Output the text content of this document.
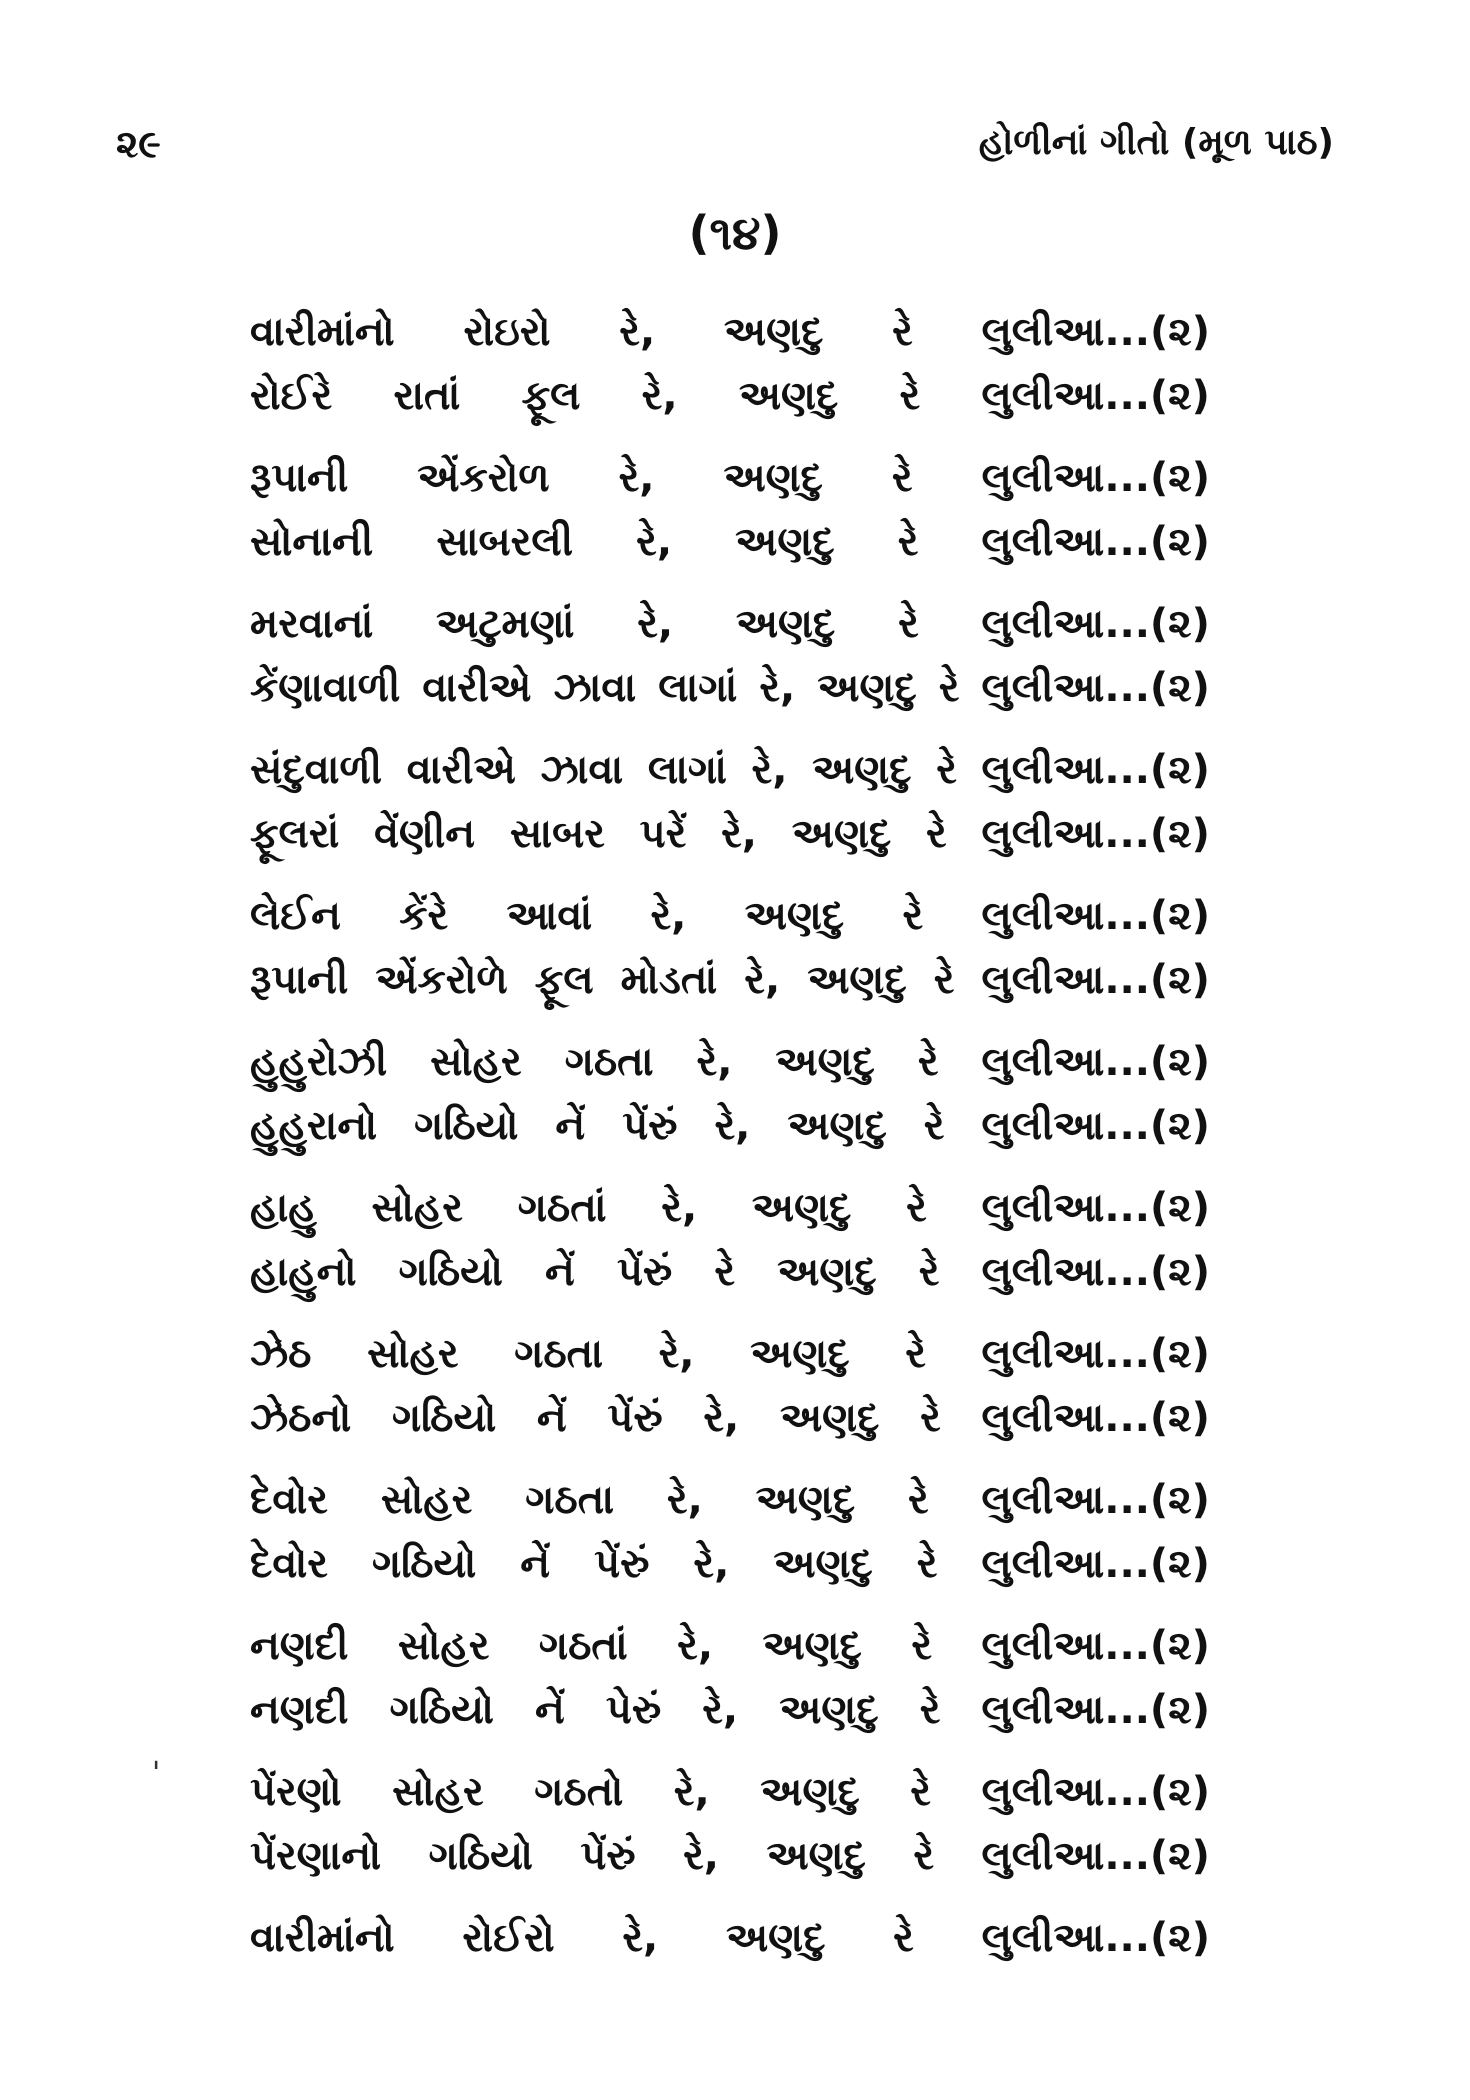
૨૯	હોળીનાં ગીતો (મૂળ પાઠ)
(૧૪)
વારીમાંનો રોઇરો રે, અણદુ રે લુલીઆ...(૨)
રોઈરે રાતાં ફૂલ રે, અણદુ રે લુલીઆ...(૨)
રૂપાની એંકરોળ રે, અણદુ રે લુલીઆ...(૨)
સોનાની સાબરલી રે, અણદુ રે લુલીઆ...(૨)
મરવાનાં અટુમણાં રે, અણદુ રે લુલીઆ...(૨)
કેંણાવાળી વારીએ ઝાવા લાગાં રે, અણદુ રે લુલીઆ...(૨)
સંદુવાળી વારીએ ઝાવા લાગાં રે, અણદુ રે લુલીઆ...(૨)
ફૂલરાં વેંણીન સાબર પરેં રે, અણદુ રે લુલીઆ...(૨)
લેઈન કેંરે આવાં રે, અણદુ રે લુલીઆ...(૨)
રૂપાની એંકરોળે ફૂલ મોડતાં રે, અણદુ રે લુલીઆ...(૨)
હુહુરોઝી સોહર ગઠતા રે, અણદુ રે લુલીઆ...(૨)
હુહુરાનો ગઠિયો નેં પેંરું રે, અણદુ રે લુલીઆ...(૨)
હાહુ સોહર ગઠતાં રે, અણદુ રે લુલીઆ...(૨)
હાહુનો ગઠિયો નેં પેંરું રે અણદુ રે લુલીઆ...(૨)
ઝેઠ સોહર ગઠતા રે, અણદુ રે લુલીઆ...(૨)
ઝેઠનો ગઠિયો નેં પેંરું રે, અણદુ રે લુલીઆ...(૨)
દેવોર સોહર ગઠતા રે, અણદુ રે લુલીઆ...(૨)
દેવોર ગઠિયો નેં પેંરું રે, અણદુ રે લુલીઆ...(૨)
નણદી સોહર ગઠતાં રે, અણદુ રે લુલીઆ...(૨)
નણદી ગઠિયો નેં પેરું રે, અણદુ રે લુલીઆ...(૨)
પેંરણો સોહર ગઠતો રે, અણદુ રે લુલીઆ...(૨)
પેંરણાનો ગઠિયો પેંરું રે, અણદુ રે લુલીઆ...(૨)
વારીમાંનો રોઈરો રે, અણદુ રે લુલીઆ...(૨)
'
